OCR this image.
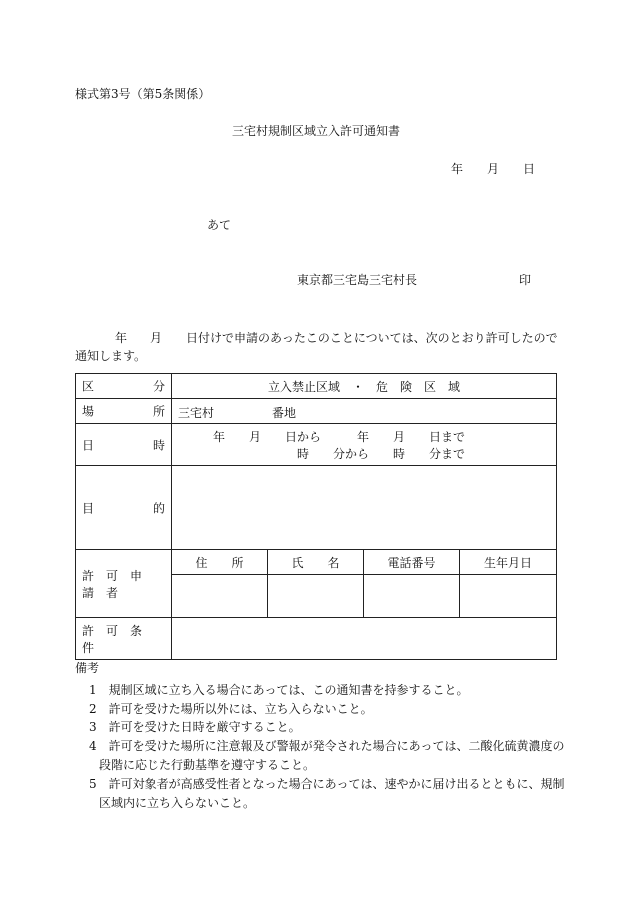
様式第3号（第5条関係）
三宅村規制区域立入許可通知書
年 月 日
あて
東京都三宅島三宅村長	印
年 月 日付けで申請のあったこのことについては、次のとおり許可したので
通知します。
区 分	立入禁止区域　・　危　険　区　域			

場 所	三宅村 番地			

日 時	年　　月　　日から　　　年　　月　　日まで
時　　分から　　時　　分まで			

目 的				

許可申請者	住　　所	氏　　名	電話番号	生年月日

許可条件				
備考
1　規制区域に立ち入る場合にあっては、この通知書を持参すること。
2　許可を受けた場所以外には、立ち入らないこと。
3　許可を受けた日時を厳守すること。
4　許可を受けた場所に注意報及び警報が発令された場合にあっては、二酸化硫黄濃度の
段階に応じた行動基準を遵守すること。
5　許可対象者が高感受性者となった場合にあっては、速やかに届け出るとともに、規制
区域内に立ち入らないこと。
